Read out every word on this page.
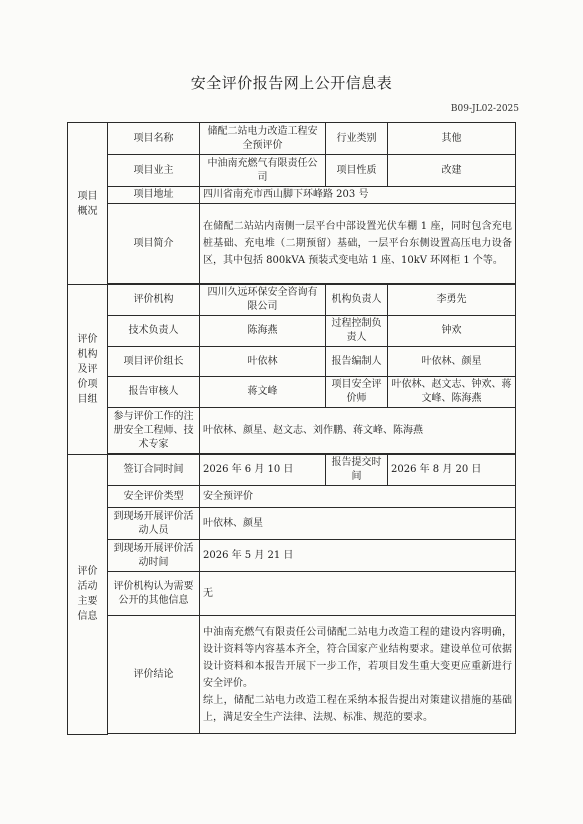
安全评价报告网上公开信息表
B09-JL02-2025
项目
概况	项目名称	储配二站电力改造工程安全预评价	行业类别	其他
	项目业主	中油南充燃气有限责任公司	项目性质	改建
	项目地址	四川省南充市西山脚下环峰路 203 号		
	项目简介	在储配二站站内南侧一层平台中部设置光伏车棚 1 座，同时包含充电桩基础、充电堆（二期预留）基础，一层平台东侧设置高压电力设备区，其中包括 800kVA 预装式变电站 1 座、10kV 环网柜 1 个等。		

评价
机构
及评
价项
目组	评价机构	四川久远环保安全咨询有限公司	机构负责人	李勇先
	技术负责人	陈海燕	过程控制负责人	钟欢
	项目评价组长	叶依林	报告编制人	叶依林、颜星
	报告审核人	蒋文峰	项目安全评价师	叶依林、赵文志、钟欢、蒋文峰、陈海燕
	参与评价工作的注册安全工程师、技术专家	叶依林、颜星、赵文志、刘作鹏、蒋文峰、陈海燕		

评价
活动
主要
信息	签订合同时间	2026 年 6 月 10 日	报告提交时间	2026 年 8 月 20 日
	安全评价类型	安全预评价		
	到现场开展评价活动人员	叶依林、颜星		
	到现场开展评价活动时间	2026 年 5 月 21 日		
	评价机构认为需要公开的其他信息	无		
	评价结论	中油南充燃气有限责任公司储配二站电力改造工程的建设内容明确，设计资料等内容基本齐全，符合国家产业结构要求。建设单位可依据设计资料和本报告开展下一步工作，若项目发生重大变更应重新进行安全评价。

综上，储配二站电力改造工程在采纳本报告提出对策建议措施的基础上，满足安全生产法律、法规、标准、规范的要求。		
